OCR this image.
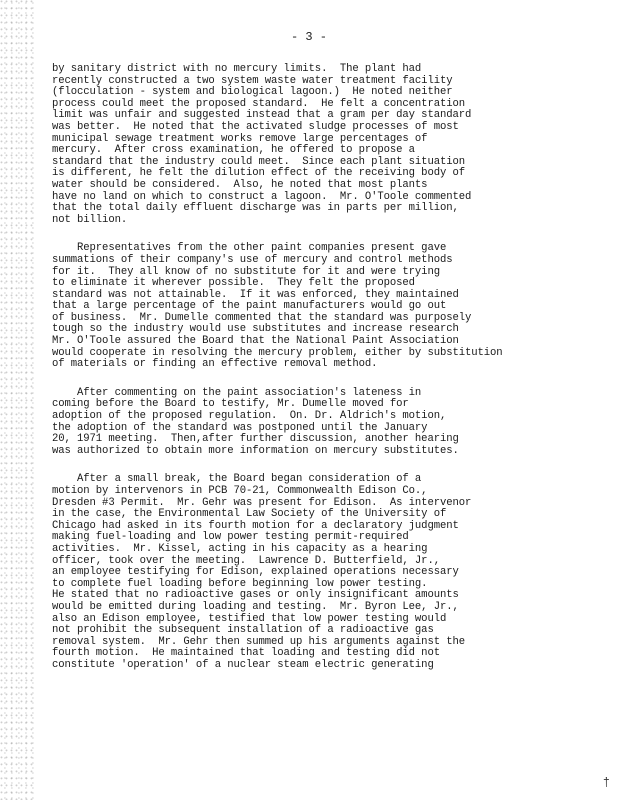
- 3 -

by sanitary district with no mercury limits.  The plant had
recently constructed a two system waste water treatment facility
(flocculation - system and biological lagoon.)  He noted neither
process could meet the proposed standard.  He felt a concentration
limit was unfair and suggested instead that a gram per day standard
was better.  He noted that the activated sludge processes of most
municipal sewage treatment works remove large percentages of
mercury.  After cross examination, he offered to propose a
standard that the industry could meet.  Since each plant situation
is different, he felt the dilution effect of the receiving body of
water should be considered.  Also, he noted that most plants
have no land on which to construct a lagoon.  Mr. O'Toole commented
that the total daily effluent discharge was in parts per million,
not billion.

Representatives from the other paint companies present gave
summations of their company's use of mercury and control methods
for it.  They all know of no substitute for it and were trying
to eliminate it wherever possible.  They felt the proposed
standard was not attainable.  If it was enforced, they maintained
that a large percentage of the paint manufacturers would go out
of business.  Mr. Dumelle commented that the standard was purposely
tough so the industry would use substitutes and increase research
Mr. O'Toole assured the Board that the National Paint Association
would cooperate in resolving the mercury problem, either by substitution
of materials or finding an effective removal method.

After commenting on the paint association's lateness in
coming before the Board to testify, Mr. Dumelle moved for
adoption of the proposed regulation.  On. Dr. Aldrich's motion,
the adoption of the standard was postponed until the January
20, 1971 meeting.  Then,after further discussion, another hearing
was authorized to obtain more information on mercury substitutes.

After a small break, the Board began consideration of a
motion by intervenors in PCB 70-21, Commonwealth Edison Co.,
Dresden #3 Permit.  Mr. Gehr was present for Edison.  As intervenor
in the case, the Environmental Law Society of the University of
Chicago had asked in its fourth motion for a declaratory judgment
making fuel-loading and low power testing permit-required
activities.  Mr. Kissel, acting in his capacity as a hearing
officer, took over the meeting.  Lawrence D. Butterfield, Jr.,
an employee testifying for Edison, explained operations necessary
to complete fuel loading before beginning low power testing.
He stated that no radioactive gases or only insignificant amounts
would be emitted during loading and testing.  Mr. Byron Lee, Jr.,
also an Edison employee, testified that low power testing would
not prohibit the subsequent installation of a radioactive gas
removal system.  Mr. Gehr then summed up his arguments against the
fourth motion.  He maintained that loading and testing did not
constitute 'operation' of a nuclear steam electric generating

†
